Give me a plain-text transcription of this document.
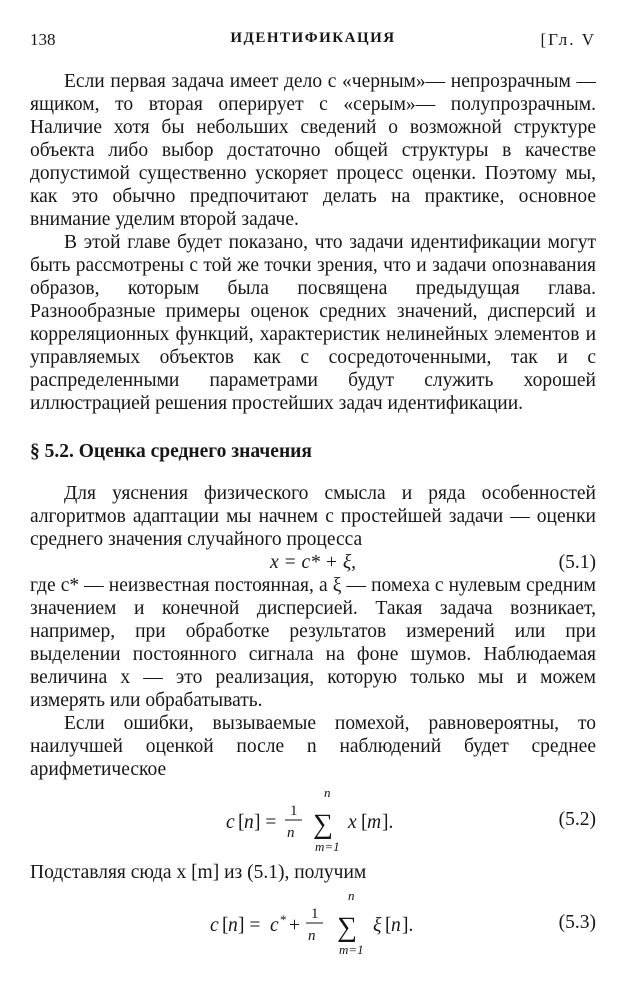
138	ИДЕНТИФИКАЦИЯ	[Гл. V

Если первая задача имеет дело с «черным»— непрозрачным — ящиком, то вторая оперирует с «серым»— полупрозрачным. Наличие хотя бы небольших сведений о возможной структуре объекта либо выбор достаточно общей структуры в качестве допустимой существенно ускоряет процесс оценки. Поэтому мы, как это обычно предпочитают делать на практике, основное внимание уделим второй задаче.

В этой главе будет показано, что задачи идентификации могут быть рассмотрены с той же точки зрения, что и задачи опознавания образов, которым была посвящена предыдущая глава. Разнообразные примеры оценок средних значений, дисперсий и корреляционных функций, характеристик нелинейных элементов и управляемых объектов как с сосредоточенными, так и с распределенными параметрами будут служить хорошей иллюстрацией решения простейших задач идентификации.

§ 5.2. Оценка среднего значения

Для уяснения физического смысла и ряда особенностей алгоритмов адаптации мы начнем с простейшей задачи — оценки среднего значения случайного процесса

x = c* + ξ,	(5.1)

где c* — неизвестная постоянная, а ξ — помеха с нулевым средним значением и конечной дисперсией. Такая задача возникает, например, при обработке результатов измерений или при выделении постоянного сигнала на фоне шумов. Наблюдаемая величина x — это реализация, которую только мы и можем измерять или обрабатывать.

Если ошибки, вызываемые помехой, равновероятны, то наилучшей оценкой после n наблюдений будет среднее арифметическое

c [ n ] =
1
n
n
∑
m=1
x [ m ].	(5.2)

Подставляя сюда x [m] из (5.1), получим

c [ n ] = c * +
1
n
n
∑
m=1
ξ [ n ].	(5.3)
